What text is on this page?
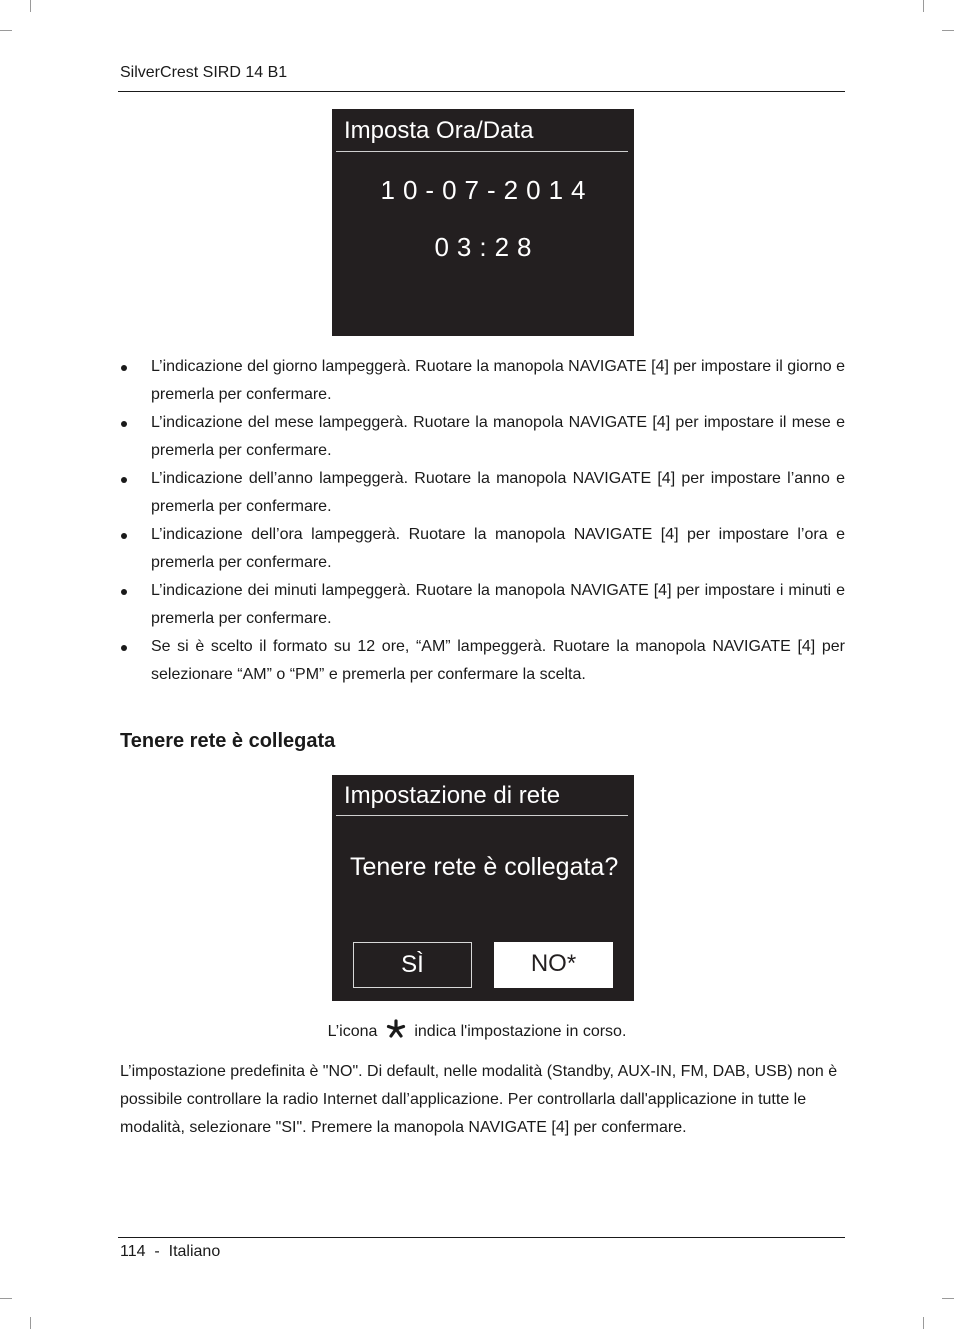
SilverCrest SIRD 14 B1
Imposta Ora/Data
10-07-2014
03:28
L’indicazione del giorno lampeggerà. Ruotare la manopola NAVIGATE [4] per impostare il giorno e premerla per confermare.
L’indicazione del mese lampeggerà. Ruotare la manopola NAVIGATE [4] per impostare il mese e premerla per confermare.
L’indicazione dell’anno lampeggerà. Ruotare la manopola NAVIGATE [4] per impostare l’anno e premerla per confermare.
L’indicazione dell’ora lampeggerà. Ruotare la manopola NAVIGATE [4] per impostare l’ora e premerla per confermare.
L’indicazione dei minuti lampeggerà. Ruotare la manopola NAVIGATE [4] per impostare i minuti e premerla per confermare.
Se si è scelto il formato su 12 ore, “AM” lampeggerà. Ruotare la manopola NAVIGATE [4] per selezionare “AM” o “PM” e premerla per confermare la scelta.
Tenere rete è collegata
Impostazione di rete
Tenere rete è collegata?
SÌ	NO*
L’icona indica l'impostazione in corso.

L’impostazione predefinita è "NO". Di default, nelle modalità (Standby, AUX-IN, FM, DAB, USB) non è possibile controllare la radio Internet dall’applicazione. Per controllarla dall'applicazione in tutte le modalità, selezionare "SI". Premere la manopola NAVIGATE [4] per confermare.

114  -  Italiano
